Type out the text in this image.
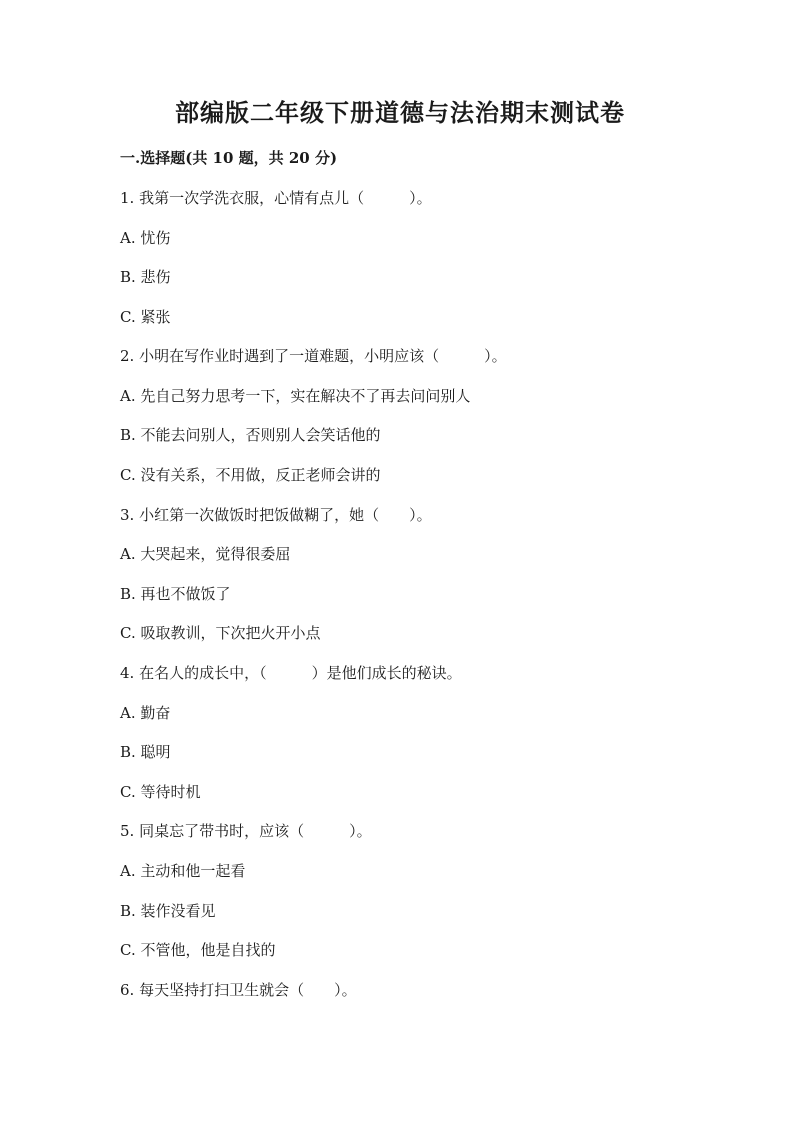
部编版二年级下册道德与法治期末测试卷
一.选择题(共 10 题，共 20 分)
1. 我第一次学洗衣服，心情有点儿（　　　）。
A. 忧伤
B. 悲伤
C. 紧张
2. 小明在写作业时遇到了一道难题，小明应该（　　　）。
A. 先自己努力思考一下，实在解决不了再去问问别人
B. 不能去问别人，否则别人会笑话他的
C. 没有关系，不用做，反正老师会讲的
3. 小红第一次做饭时把饭做糊了，她（　　）。
A. 大哭起来，觉得很委屈
B. 再也不做饭了
C. 吸取教训，下次把火开小点
4. 在名人的成长中，（　　　）是他们成长的秘诀。
A. 勤奋
B. 聪明
C. 等待时机
5. 同桌忘了带书时，应该（　　　）。
A. 主动和他一起看
B. 装作没看见
C. 不管他，他是自找的
6. 每天坚持打扫卫生就会（　　）。
